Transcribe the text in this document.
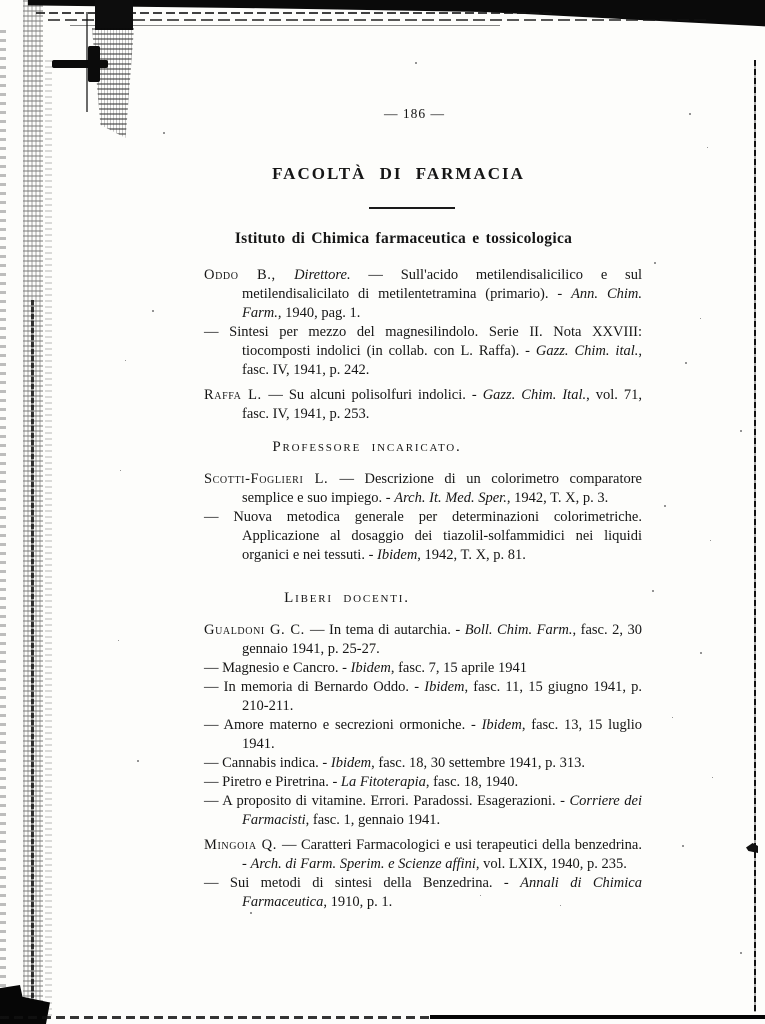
— 186 —
FACOLTÀ DI FARMACIA
Istituto di Chimica farmaceutica e tossicologica

Oddo B., Direttore. — Sull'acido metilendisalicilico e sul metilendisalicilato di metilentetramina (primario). - Ann. Chim. Farm., 1940, pag. 1.

— Sintesi per mezzo del magnesilindolo. Serie II. Nota XXVIII: tiocomposti indolici (in collab. con L. Raffa). - Gazz. Chim. ital., fasc. IV, 1941, p. 242.

Raffa L. — Su alcuni polisolfuri indolici. - Gazz. Chim. Ital., vol. 71, fasc. IV, 1941, p. 253.

Professore incaricato.

Scotti-Foglieri L. — Descrizione di un colorimetro comparatore semplice e suo impiego. - Arch. It. Med. Sper., 1942, T. X, p. 3.

— Nuova metodica generale per determinazioni colorimetriche. Applicazione al dosaggio dei tiazolil-solfammidici nei liquidi organici e nei tessuti. - Ibidem, 1942, T. X, p. 81.

Liberi docenti.

Gualdoni G. C. — In tema di autarchia. - Boll. Chim. Farm., fasc. 2, 30 gennaio 1941, p. 25-27.

— Magnesio e Cancro. - Ibidem, fasc. 7, 15 aprile 1941

— In memoria di Bernardo Oddo. - Ibidem, fasc. 11, 15 giugno 1941, p. 210-211.

— Amore materno e secrezioni ormoniche. - Ibidem, fasc. 13, 15 luglio 1941.

— Cannabis indica. - Ibidem, fasc. 18, 30 settembre 1941, p. 313.

— Piretro e Piretrina. - La Fitoterapia, fasc. 18, 1940.

— A proposito di vitamine. Errori. Paradossi. Esagerazioni. - Corriere dei Farmacisti, fasc. 1, gennaio 1941.

Mingoia Q. — Caratteri Farmacologici e usi terapeutici della benzedrina. - Arch. di Farm. Sperim. e Scienze affini, vol. LXIX, 1940, p. 235.

— Sui metodi di sintesi della Benzedrina. - Annali di Chimica Farmaceutica, 1910, p. 1.
